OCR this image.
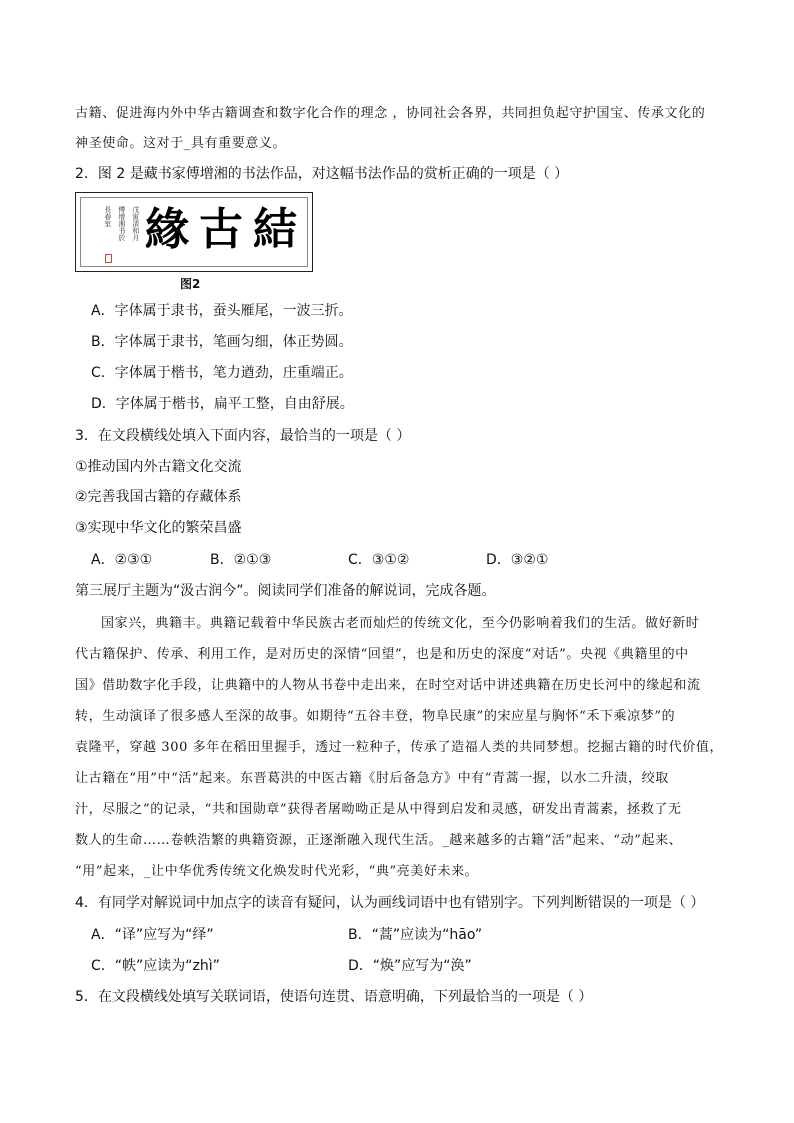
古籍、促进海内外中华古籍调查和数字化合作的理念 ，协同社会各界，共同担负起守护国宝、传承文化的
神圣使命。这对于_具有重要意义。
2．图 2 是藏书家傅增湘的书法作品，对这幅书法作品的赏析正确的一项是（ ）
戊寅清和月
傅增湘书於
長春室 緣 古 結
图2
A．字体属于隶书，蚕头雁尾，一波三折。
B．字体属于隶书，笔画匀细，体正势圆。
C．字体属于楷书，笔力遒劲，庄重端正。
D．字体属于楷书，扁平工整，自由舒展。
3．在文段横线处填入下面内容，最恰当的一项是（ ）
①推动国内外古籍文化交流
②完善我国古籍的存藏体系
③实现中华文化的繁荣昌盛
A．②③①	B．②①③	C．③①②	D．③②①
第三展厅主题为“汲古润今”。阅读同学们准备的解说词，完成各题。
国家兴，典籍丰。典籍记载着中华民族古老而灿烂的传统文化，至今仍影响着我们的生活。做好新时
代古籍保护、传承、利用工作，是对历史的深情“回望”，也是和历史的深度“对话”。央视《典籍里的中
国》借助数字化手段，让典籍中的人物从书卷中走出来，在时空对话中讲述典籍在历史长河中的缘起和流
转，生动演译了很多感人至深的故事。如期待“五谷丰登，物阜民康”的宋应星与胸怀“禾下乘凉梦”的
袁隆平，穿越 300 多年在稻田里握手，透过一粒种子，传承了造福人类的共同梦想。挖掘古籍的时代价值，
让古籍在“用”中“活”起来。东晋葛洪的中医古籍《肘后备急方》中有“青蒿一握，以水二升渍，绞取
汁，尽服之”的记录，“共和国勋章”获得者屠呦呦正是从中得到启发和灵感，研发出青蒿素，拯救了无
数人的生命……卷帙浩繁的典籍资源，正逐渐融入现代生活。_越来越多的古籍“活”起来、“动”起来、
“用”起来，_让中华优秀传统文化焕发时代光彩，“典”亮美好未来。
4．有同学对解说词中加点字的读音有疑问，认为画线词语中也有错别字。下列判断错误的一项是（ ）
A．“译”应写为“绎”	B．“蒿”应读为“hāo”
C．“帙”应读为“zhì”	D．“焕”应写为“涣”
5．在文段横线处填写关联词语，使语句连贯、语意明确，下列最恰当的一项是（ ）
